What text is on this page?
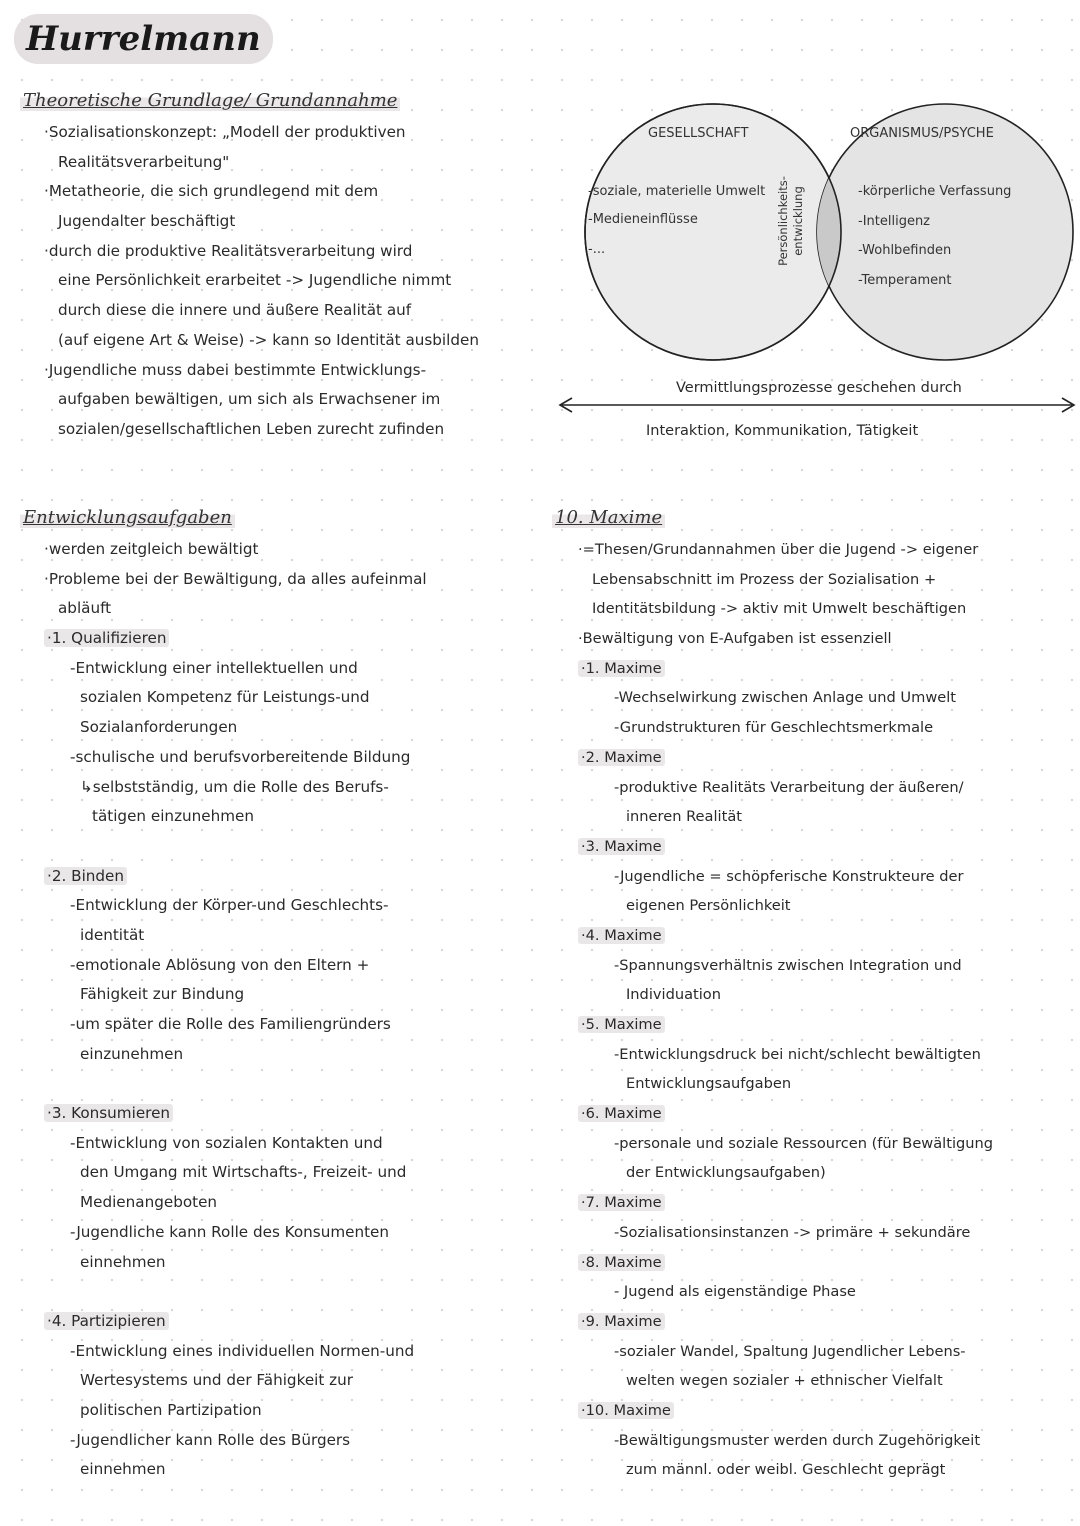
Hurrelmann
Theoretische Grundlage/ Grundannahme
·Sozialisationskonzept: „Modell der produktiven
Realitätsverarbeitung"
·Metatheorie, die sich grundlegend mit dem
Jugendalter beschäftigt
·durch die produktive Realitätsverarbeitung wird
eine Persönlichkeit erarbeitet -> Jugendliche nimmt
durch diese die innere und äußere Realität auf
(auf eigene Art & Weise) -> kann so Identität ausbilden
·Jugendliche muss dabei bestimmte Entwicklungs-
aufgaben bewältigen, um sich als Erwachsener im
sozialen/gesellschaftlichen Leben zurecht zufinden
Persönlichkeits- entwicklung
GESELLSCHAFT	ORGANISMUS/PSYCHE
-soziale, materielle Umwelt
-Medieneinflüsse
-...
-körperliche Verfassung
-Intelligenz
-Wohlbefinden
-Temperament
Vermittlungsprozesse geschehen durch
Interaktion, Kommunikation, Tätigkeit
Entwicklungsaufgaben
·werden zeitgleich bewältigt
·Probleme bei der Bewältigung, da alles aufeinmal
abläuft
·1. Qualifizieren
-Entwicklung einer intellektuellen und
sozialen Kompetenz für Leistungs-und
Sozialanforderungen
-schulische und berufsvorbereitende Bildung
↳selbstständig, um die Rolle des Berufs-
tätigen einzunehmen
·2. Binden
-Entwicklung der Körper-und Geschlechts-
identität
-emotionale Ablösung von den Eltern +
Fähigkeit zur Bindung
-um später die Rolle des Familiengründers
einzunehmen
·3. Konsumieren
-Entwicklung von sozialen Kontakten und
den Umgang mit Wirtschafts-, Freizeit- und
Medienangeboten
-Jugendliche kann Rolle des Konsumenten
einnehmen
·4. Partizipieren
-Entwicklung eines individuellen Normen-und
Wertesystems und der Fähigkeit zur
politischen Partizipation
-Jugendlicher kann Rolle des Bürgers
einnehmen
10. Maxime
·=Thesen/Grundannahmen über die Jugend -> eigener
Lebensabschnitt im Prozess der Sozialisation +
Identitätsbildung -> aktiv mit Umwelt beschäftigen
·Bewältigung von E-Aufgaben ist essenziell
·1. Maxime
-Wechselwirkung zwischen Anlage und Umwelt
-Grundstrukturen für Geschlechtsmerkmale
·2. Maxime
-produktive Realitäts Verarbeitung der äußeren/
inneren Realität
·3. Maxime
-Jugendliche = schöpferische Konstrukteure der
eigenen Persönlichkeit
·4. Maxime
-Spannungsverhältnis zwischen Integration und
Individuation
·5. Maxime
-Entwicklungsdruck bei nicht/schlecht bewältigten
Entwicklungsaufgaben
·6. Maxime
-personale und soziale Ressourcen (für Bewältigung
der Entwicklungsaufgaben)
·7. Maxime
-Sozialisationsinstanzen -> primäre + sekundäre
·8. Maxime
- Jugend als eigenständige Phase
·9. Maxime
-sozialer Wandel, Spaltung Jugendlicher Lebens-
welten wegen sozialer + ethnischer Vielfalt
·10. Maxime
-Bewältigungsmuster werden durch Zugehörigkeit
zum männl. oder weibl. Geschlecht geprägt
